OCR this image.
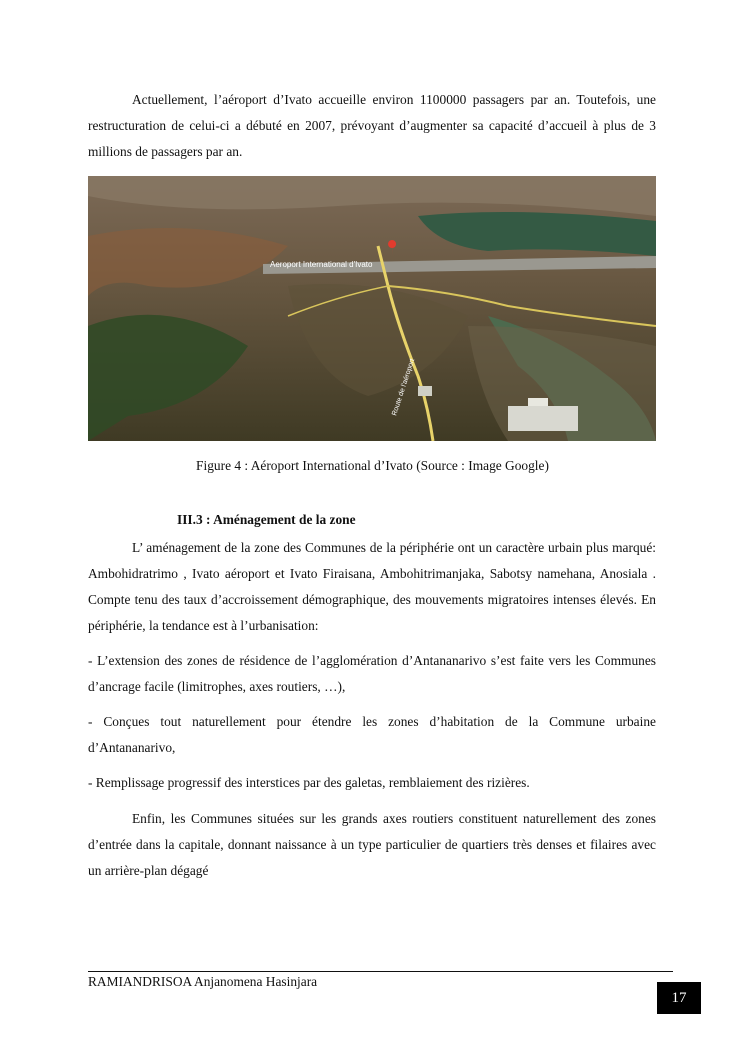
Actuellement, l’aéroport d’Ivato accueille environ 1100000 passagers par an. Toutefois, une restructuration de celui-ci a débuté en 2007, prévoyant d’augmenter sa capacité d’accueil à plus de 3 millions de passagers par an.

Aeroport International d'Ivato
Route de l'aéroport
Figure 4 : Aéroport International d’Ivato (Source : Image Google)
III.3 : Aménagement de la zone

L’ aménagement de la zone des Communes de la périphérie ont un caractère urbain plus marqué: Ambohidratrimo , Ivato aéroport et Ivato Firaisana, Ambohitrimanjaka, Sabotsy namehana, Anosiala . Compte tenu des taux d’accroissement démographique, des mouvements migratoires intenses élevés. En périphérie, la tendance est à l’urbanisation:

- L’extension des zones de résidence de l’agglomération d’Antananarivo s’est faite vers les Communes d’ancrage facile (limitrophes, axes routiers, …),

- Conçues tout naturellement pour étendre les zones d’habitation de la Commune urbaine d’Antananarivo,

- Remplissage progressif des interstices par des galetas, remblaiement des rizières.

Enfin, les Communes situées sur les grands axes routiers constituent naturellement des zones d’entrée dans la capitale, donnant naissance à un type particulier de quartiers très denses et filaires avec un arrière-plan dégagé

RAMIANDRISOA Anjanomena Hasinjara
17
